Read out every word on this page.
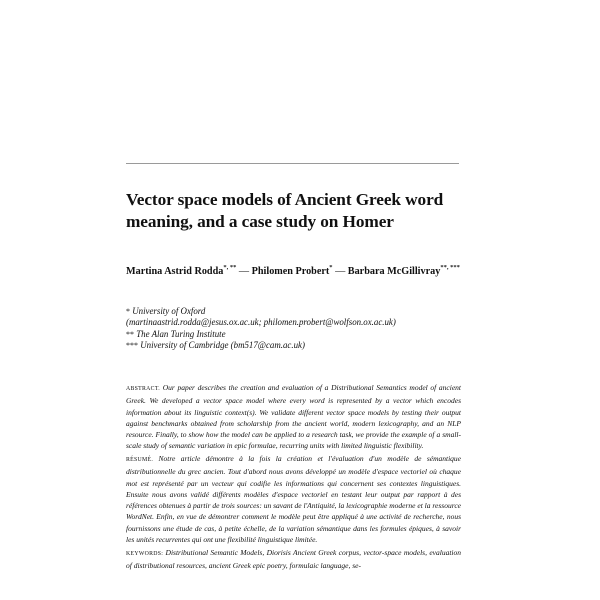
Vector space models of Ancient Greek word meaning, and a case study on Homer
Martina Astrid Rodda*, ** — Philomen Probert* — Barbara McGillivray**, ***
* University of Oxford
(martinaastrid.rodda@jesus.ox.ac.uk; philomen.probert@wolfson.ox.ac.uk)
** The Alan Turing Institute
*** University of Cambridge (bm517@cam.ac.uk)

ABSTRACT. Our paper describes the creation and evaluation of a Distributional Semantics model of ancient Greek. We developed a vector space model where every word is represented by a vector which encodes information about its linguistic context(s). We validate different vector space models by testing their output against benchmarks obtained from scholarship from the ancient world, modern lexicography, and an NLP resource. Finally, to show how the model can be applied to a research task, we provide the example of a small-scale study of semantic variation in epic formulae, recurring units with limited linguistic flexibility.

RÉSUMÉ. Notre article démontre à la fois la création et l'évaluation d'un modèle de sémantique distributionnelle du grec ancien. Tout d'abord nous avons développé un modèle d'espace vectoriel où chaque mot est représenté par un vecteur qui codifie les informations qui concernent ses contextes linguistiques. Ensuite nous avons validé différents modèles d'espace vectoriel en testant leur output par rapport à des références obtenues à partir de trois sources: un savant de l'Antiquité, la lexicographie moderne et la ressource WordNet. Enfin, en vue de démontrer comment le modèle peut être appliqué à une activité de recherche, nous fournissons une étude de cas, à petite échelle, de la variation sémantique dans les formules épiques, à savoir les unités recurrentes qui ont une flexibilité linguistique limitée.

KEYWORDS: Distributional Semantic Models, Diorisis Ancient Greek corpus, vector-space models, evaluation of distributional resources, ancient Greek epic poetry, formulaic language, se-
